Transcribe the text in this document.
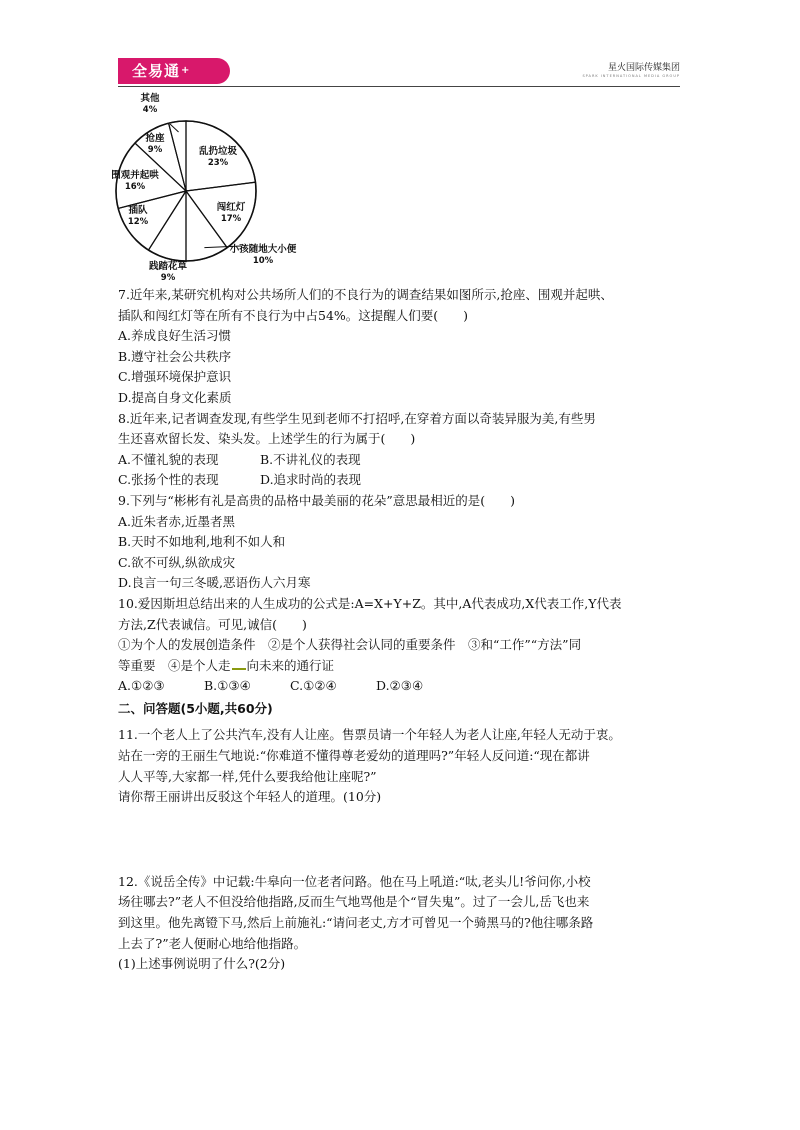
全易通+	星火国际传媒集团
SPARK INTERNATIONAL MEDIA GROUP
乱扔垃圾
23%
闯红灯
17%
小孩随地大小便
10%
践踏花草
9%
插队
12%
围观并起哄
16%
抢座
9%
其他
4%

7.近年来,某研究机构对公共场所人们的不良行为的调查结果如图所示,抢座、围观并起哄、

插队和闯红灯等在所有不良行为中占54%。这提醒人们要(　　)

A.养成良好生活习惯

B.遵守社会公共秩序

C.增强环境保护意识

D.提高自身文化素质

8.近年来,记者调查发现,有些学生见到老师不打招呼,在穿着方面以奇装异服为美,有些男

生还喜欢留长发、染头发。上述学生的行为属于(　　)

A.不懂礼貌的表现	B.不讲礼仪的表现

C.张扬个性的表现	D.追求时尚的表现

9.下列与“彬彬有礼是高贵的品格中最美丽的花朵”意思最相近的是(　　)

A.近朱者赤,近墨者黑

B.天时不如地利,地利不如人和

C.欲不可纵,纵欲成灾

D.良言一句三冬暖,恶语伤人六月寒

10.爱因斯坦总结出来的人生成功的公式是:A=X+Y+Z。其中,A代表成功,X代表工作,Y代表

方法,Z代表诚信。可见,诚信(　　)

①为个人的发展创造条件　②是个人获得社会认同的重要条件　③和“工作”“方法”同

等重要　④是个人走 向未来的通行证

A.①②③	B.①③④	C.①②④	D.②③④

二、问答题(5小题,共60分)

11.一个老人上了公共汽车,没有人让座。售票员请一个年轻人为老人让座,年轻人无动于衷。

站在一旁的王丽生气地说:“你难道不懂得尊老爱幼的道理吗?”年轻人反问道:“现在都讲

人人平等,大家都一样,凭什么要我给他让座呢?”

请你帮王丽讲出反驳这个年轻人的道理。(10分)

12.《说岳全传》中记载:牛皋向一位老者问路。他在马上吼道:“呔,老头儿!爷问你,小校

场往哪去?”老人不但没给他指路,反而生气地骂他是个“冒失鬼”。过了一会儿,岳飞也来

到这里。他先离镫下马,然后上前施礼:“请问老丈,方才可曾见一个骑黑马的?他往哪条路

上去了?”老人便耐心地给他指路。

(1)上述事例说明了什么?(2分)
